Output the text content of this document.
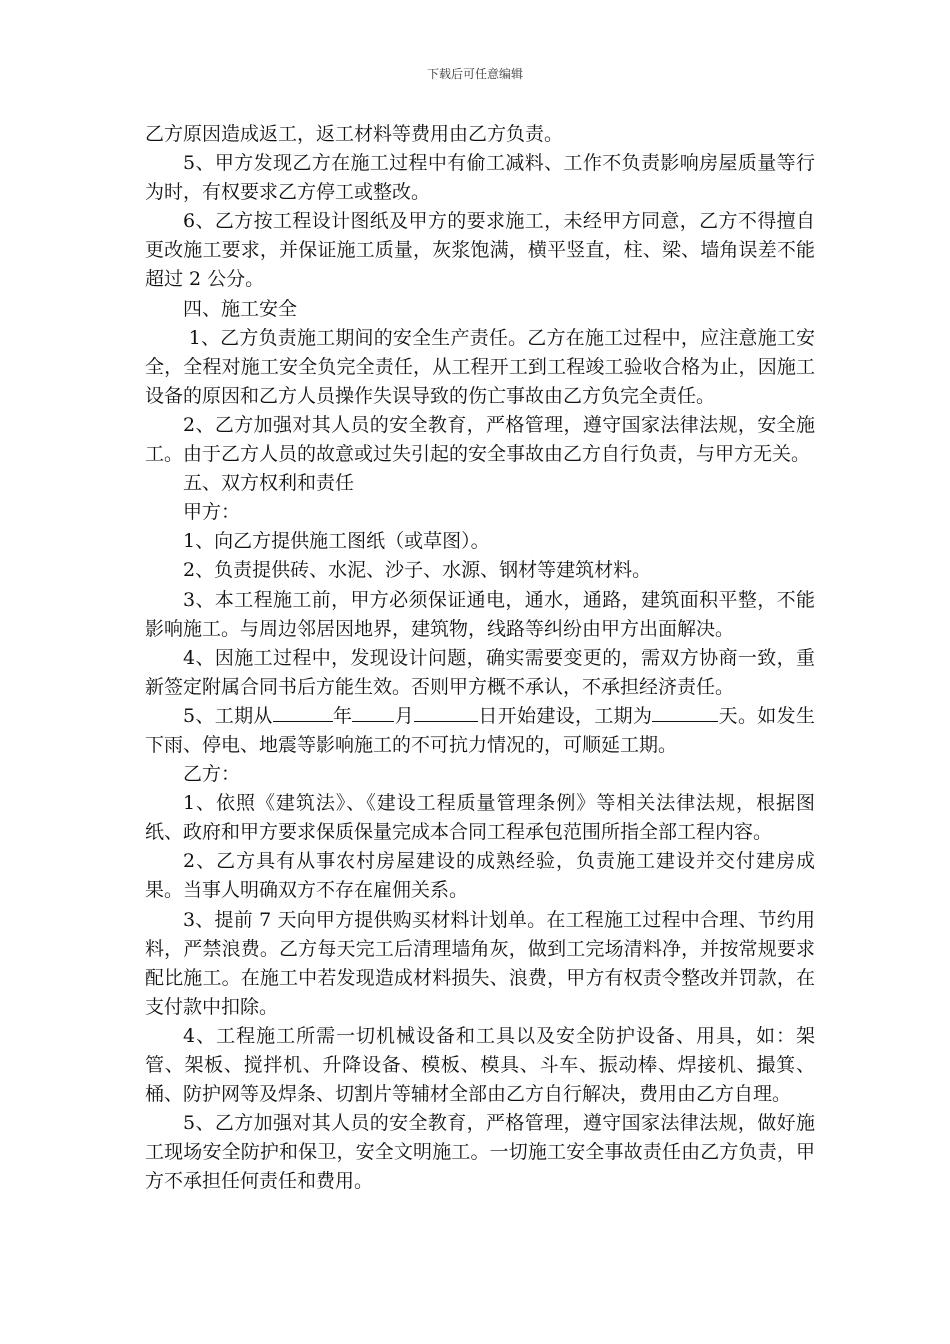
下载后可任意编辑

乙方原因造成返工，返工材料等费用由乙方负责。

5、甲方发现乙方在施工过程中有偷工减料、工作不负责影响房屋质量等行为时，有权要求乙方停工或整改。

6、乙方按工程设计图纸及甲方的要求施工，未经甲方同意，乙方不得擅自更改施工要求，并保证施工质量，灰浆饱满，横平竖直，柱、梁、墙角误差不能超过 2 公分。

四、施工安全

1、乙方负责施工期间的安全生产责任。乙方在施工过程中，应注意施工安全，全程对施工安全负完全责任，从工程开工到工程竣工验收合格为止，因施工设备的原因和乙方人员操作失误导致的伤亡事故由乙方负完全责任。

2、乙方加强对其人员的安全教育，严格管理，遵守国家法律法规，安全施工。由于乙方人员的故意或过失引起的安全事故由乙方自行负责，与甲方无关。

五、双方权利和责任

甲方：

1、向乙方提供施工图纸（或草图）。

2、负责提供砖、水泥、沙子、水源、钢材等建筑材料。

3、本工程施工前，甲方必须保证通电，通水，通路，建筑面积平整，不能影响施工。与周边邻居因地界，建筑物，线路等纠纷由甲方出面解决。

4、因施工过程中，发现设计问题，确实需要变更的，需双方协商一致，重新签定附属合同书后方能生效。否则甲方概不承认，不承担经济责任。

5、工期从	年 月	日开始建设，工期为	天。如发生下雨、停电、地震等影响施工的不可抗力情况的，可顺延工期。

乙方：

1、依照《建筑法》、《建设工程质量管理条例》等相关法律法规，根据图纸、政府和甲方要求保质保量完成本合同工程承包范围所指全部工程内容。

2、乙方具有从事农村房屋建设的成熟经验，负责施工建设并交付建房成果。当事人明确双方不存在雇佣关系。

3、提前 7 天向甲方提供购买材料计划单。在工程施工过程中合理、节约用料，严禁浪费。乙方每天完工后清理墙角灰，做到工完场清料净，并按常规要求配比施工。在施工中若发现造成材料损失、浪费，甲方有权责令整改并罚款，在支付款中扣除。

4、工程施工所需一切机械设备和工具以及安全防护设备、用具，如：架管、架板、搅拌机、升降设备、模板、模具、斗车、振动棒、焊接机、撮箕、桶、防护网等及焊条、切割片等辅材全部由乙方自行解决，费用由乙方自理。

5、乙方加强对其人员的安全教育，严格管理，遵守国家法律法规，做好施工现场安全防护和保卫，安全文明施工。一切施工安全事故责任由乙方负责，甲方不承担任何责任和费用。
